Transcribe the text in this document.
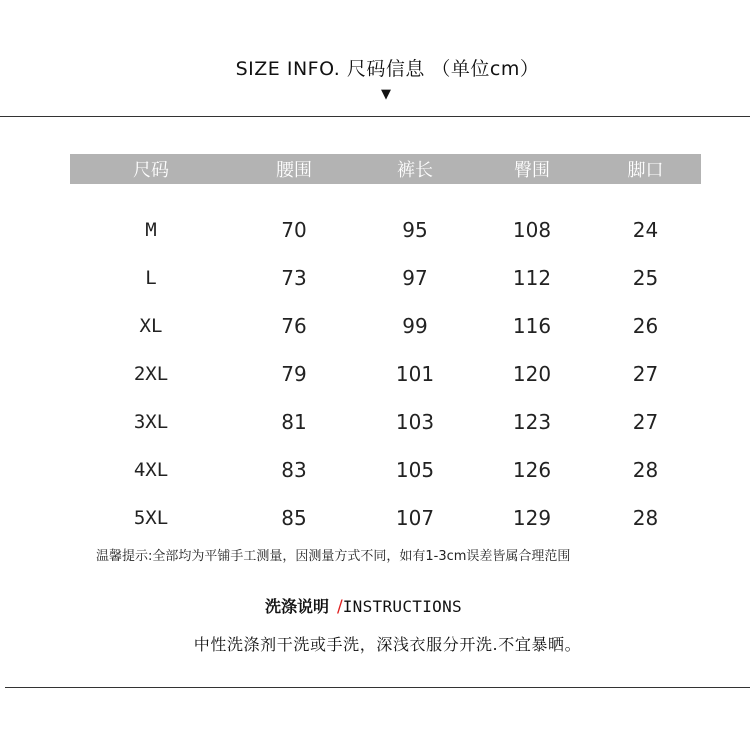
SIZE INFO. 尺码信息 （单位cm）
▼
尺码	腰围	裤长	臀围	脚口
M	70	95	108	24
L	73	97	112	25
XL	76	99	116	26
2XL	79	101	120	27
3XL	81	103	123	27
4XL	83	105	126	28
5XL	85	107	129	28
温馨提示:全部均为平铺手工测量，因测量方式不同，如有1-3cm误差皆属合理范围
洗涤说明 /INSTRUCTIONS
中性洗涤剂干洗或手洗，深浅衣服分开洗.不宜暴晒。
